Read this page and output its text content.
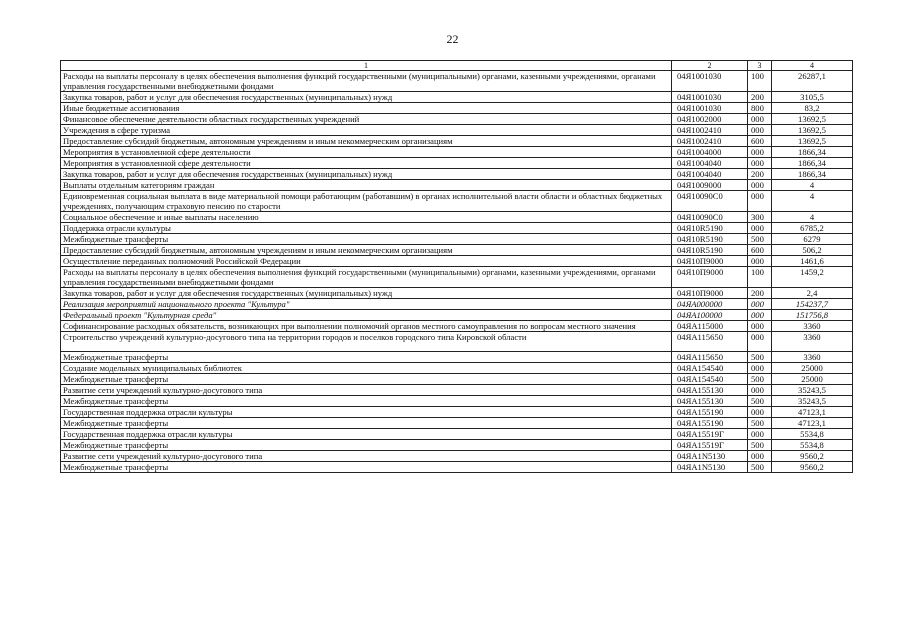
22
1	2	3	4
Расходы на выплаты персоналу в целях обеспечения выполнения функций государственными (муниципальными) органами, казенными учреждениями, органами управления государственными внебюджетными фондами	04Я1001030	100	26287,1
Закупка товаров, работ и услуг для обеспечения государственных (муниципальных) нужд	04Я1001030	200	3105,5
Иные бюджетные ассигнования	04Я1001030	800	83,2
Финансовое обеспечение деятельности областных государственных учреждений	04Я1002000	000	13692,5
Учреждения в сфере туризма	04Я1002410	000	13692,5
Предоставление субсидий бюджетным, автономным учреждениям и иным некоммерческим организациям	04Я1002410	600	13692,5
Мероприятия в установленной сфере деятельности	04Я1004000	000	1866,34
Мероприятия в установленной сфере деятельности	04Я1004040	000	1866,34
Закупка товаров, работ и услуг для обеспечения государственных (муниципальных) нужд	04Я1004040	200	1866,34
Выплаты отдельным категориям граждан	04Я1009000	000	4
Единовременная социальная выплата в виде материальной помощи работающим (работавшим) в органах исполнительной власти области и областных бюджетных учреждениях, получающим страховую пенсию по старости	04Я10090С0	000	4
Социальное обеспечение и иные выплаты населению	04Я10090С0	300	4
Поддержка отрасли культуры	04Я10R5190	000	6785,2
Межбюджетные трансферты	04Я10R5190	500	6279
Предоставление субсидий бюджетным, автономным учреждениям и иным некоммерческим организациям	04Я10R5190	600	506,2
Осуществление переданных полномочий Российской Федерации	04Я10П9000	000	1461,6
Расходы на выплаты персоналу в целях обеспечения выполнения функций государственными (муниципальными) органами, казенными учреждениями, органами управления государственными внебюджетными фондами	04Я10П9000	100	1459,2
Закупка товаров, работ и услуг для обеспечения государственных (муниципальных) нужд	04Я10П9000	200	2,4
Реализация мероприятий национального проекта "Культура"	04ЯА000000	000	154237,7
Федеральный проект "Культурная среда"	04ЯА100000	000	151756,8
Софинансирование расходных обязательств, возникающих при выполнении полномочий органов местного самоуправления по вопросам местного значения	04ЯА115000	000	3360
Строительство учреждений культурно-досугового типа на территории городов и поселков городского типа Кировской области	04ЯА115650	000	3360
Межбюджетные трансферты	04ЯА115650	500	3360
Создание модельных муниципальных библиотек	04ЯА154540	000	25000
Межбюджетные трансферты	04ЯА154540	500	25000
Развитие сети учреждений культурно-досугового типа	04ЯА155130	000	35243,5
Межбюджетные трансферты	04ЯА155130	500	35243,5
Государственная поддержка отрасли культуры	04ЯА155190	000	47123,1
Межбюджетные трансферты	04ЯА155190	500	47123,1
Государственная поддержка отрасли культуры	04ЯА15519Г	000	5534,8
Межбюджетные трансферты	04ЯА15519Г	500	5534,8
Развитие сети учреждений культурно-досугового типа	04ЯА1N5130	000	9560,2
Межбюджетные трансферты	04ЯА1N5130	500	9560,2
